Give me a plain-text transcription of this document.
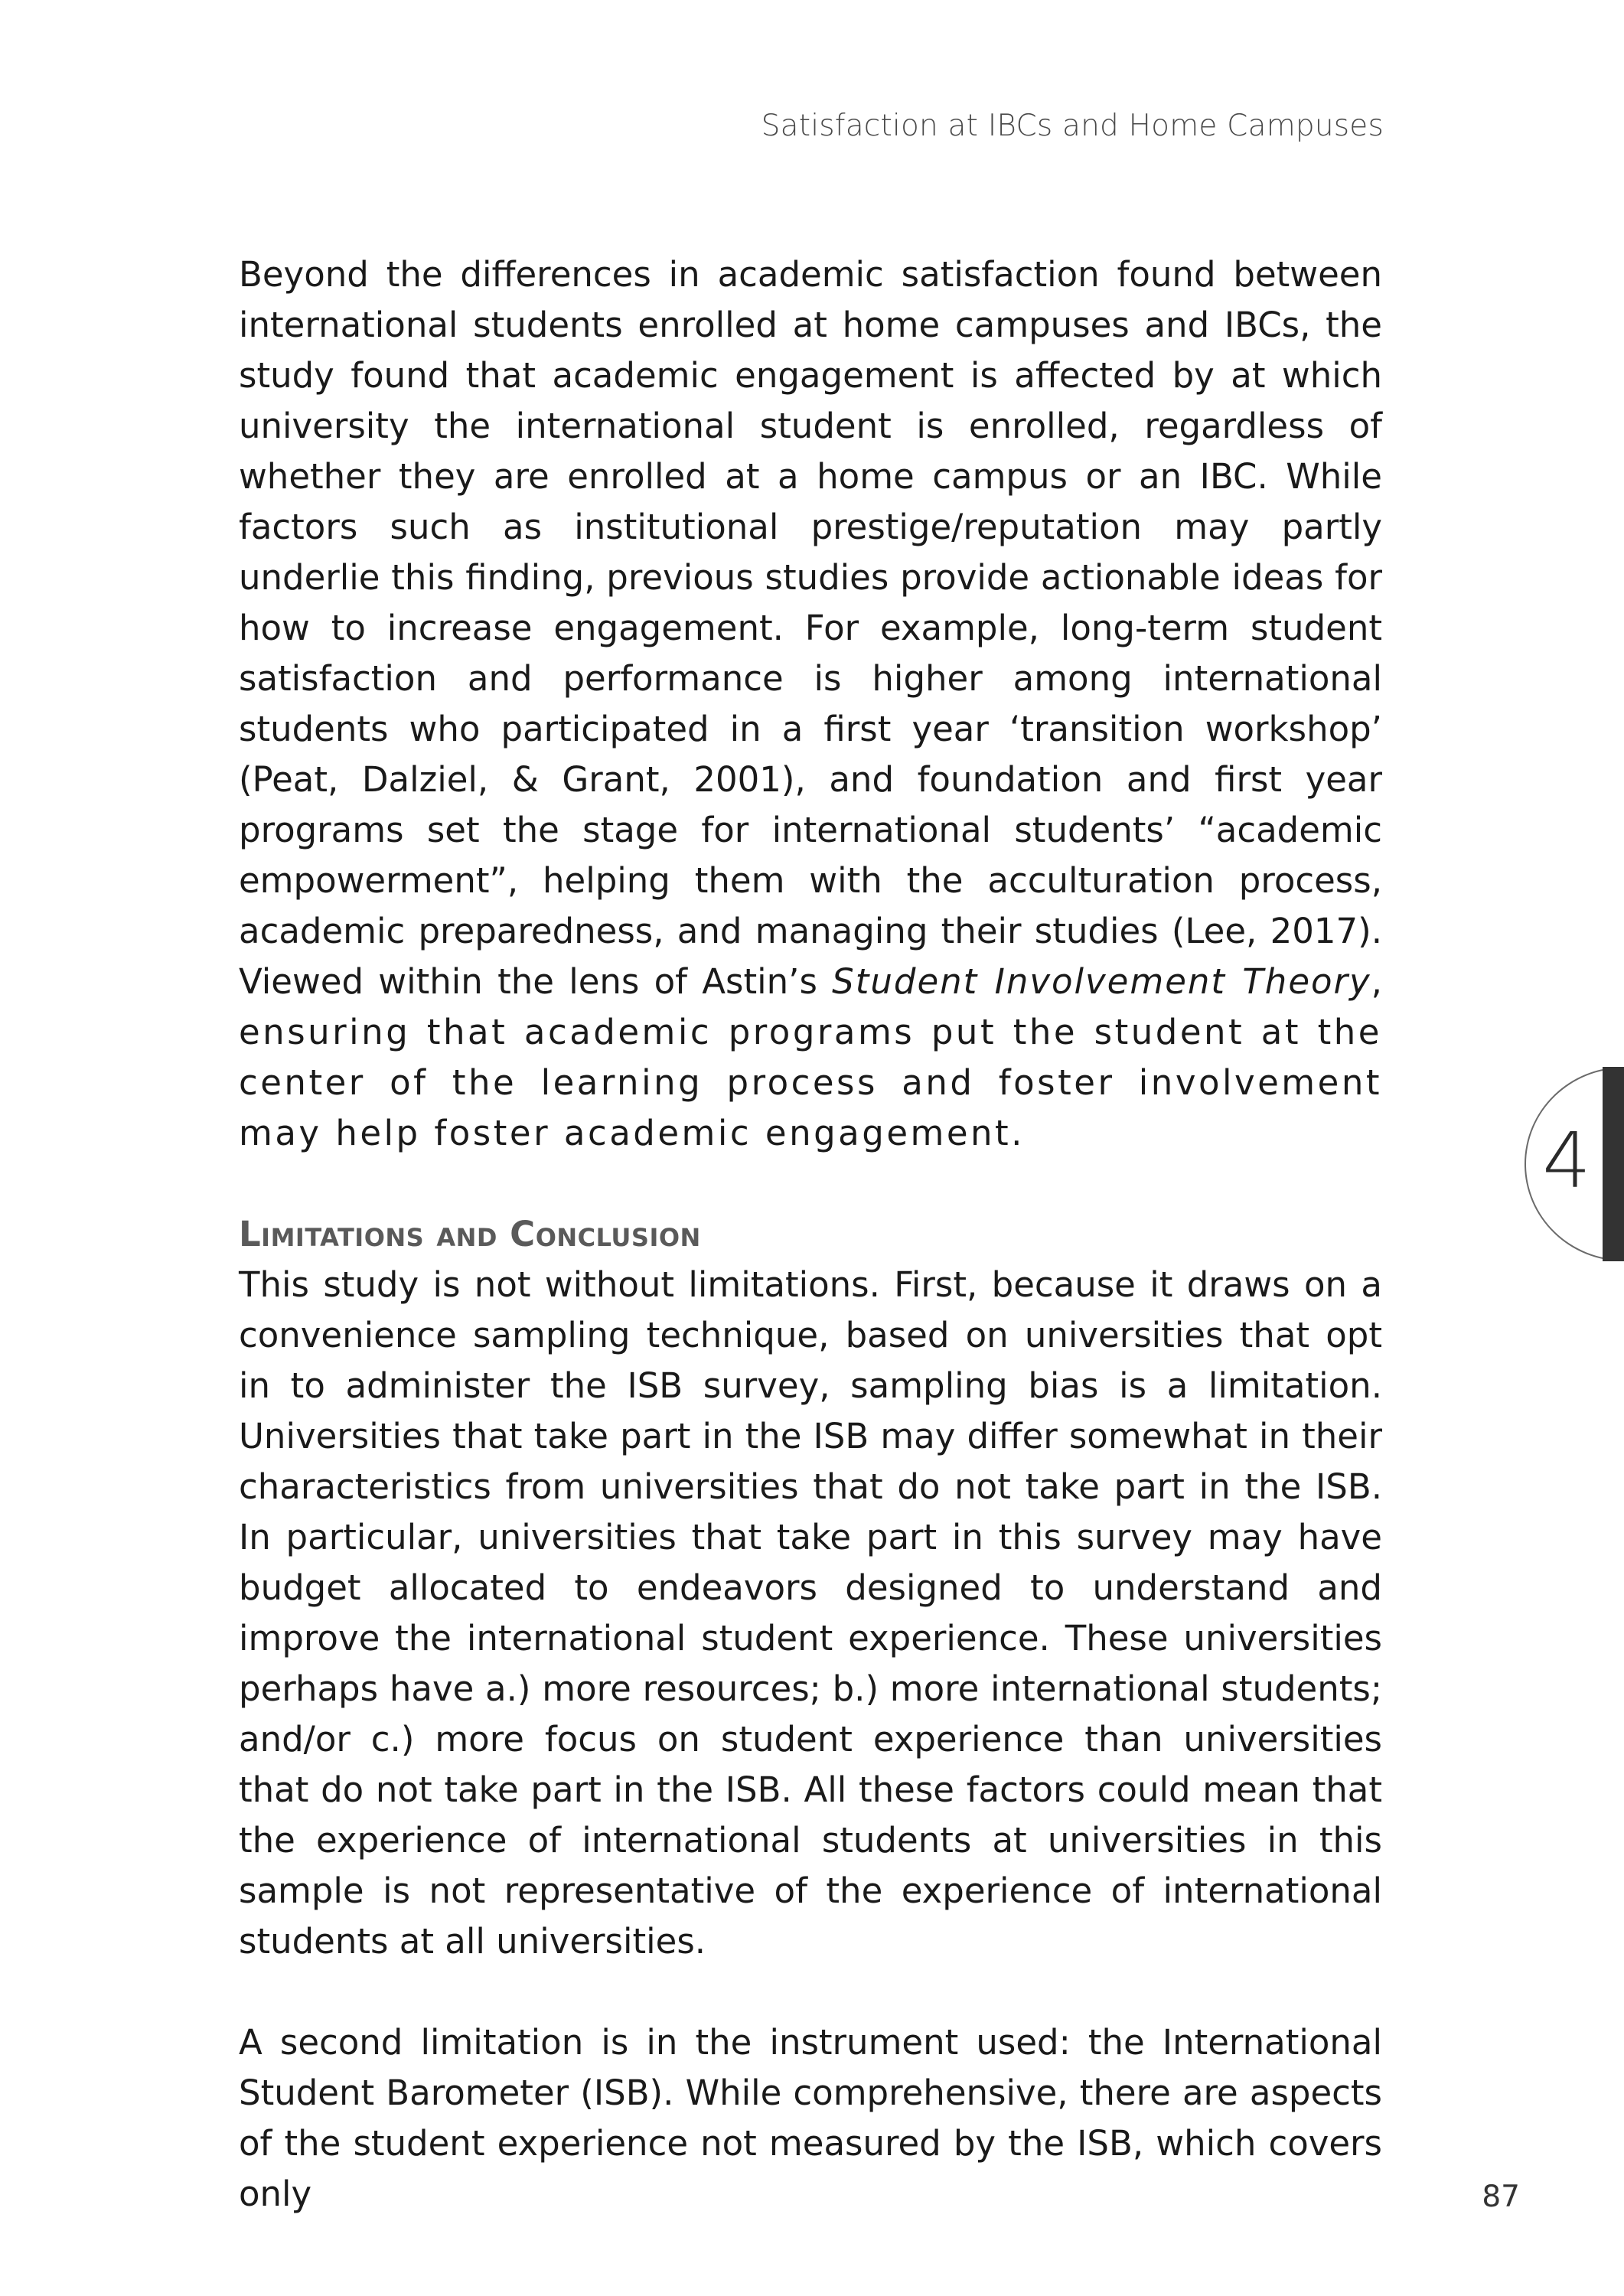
Satisfaction at IBCs and Home Campuses

Beyond the differences in academic satisfaction found between international students enrolled at home campuses and IBCs, the study found that academic engagement is affected by at which university the international student is enrolled, regardless of whether they are enrolled at a home campus or an IBC. While factors such as institutional prestige/reputation may partly underlie this finding, previous studies provide actionable ideas for how to increase engagement. For example, long-term student satisfaction and performance is higher among international students who participated in a first year ‘transition workshop’ (Peat, Dalziel, & Grant, 2001), and foundation and first year programs set the stage for international students’ “academic empowerment”, helping them with the acculturation process, academic preparedness, and managing their studies (Lee, 2017). Viewed within the lens of Astin’s Student Involvement Theory, ensuring that academic programs put the student at the center of the learning process and foster involvement may help foster academic engagement.

Limitations and Conclusion

This study is not without limitations. First, because it draws on a convenience sampling technique, based on universities that opt in to administer the ISB survey, sampling bias is a limitation. Universities that take part in the ISB may differ somewhat in their characteristics from universities that do not take part in the ISB. In particular, universities that take part in this survey may have budget allocated to endeavors designed to understand and improve the international student experience. These universities perhaps have a.) more resources; b.) more international students; and/or c.) more focus on student experience than universities that do not take part in the ISB. All these factors could mean that the experience of international students at universities in this sample is not representative of the experience of international students at all universities.

A second limitation is in the instrument used: the International Student Barometer (ISB). While comprehensive, there are aspects of the student experience not measured by the ISB, which covers only

4
87
